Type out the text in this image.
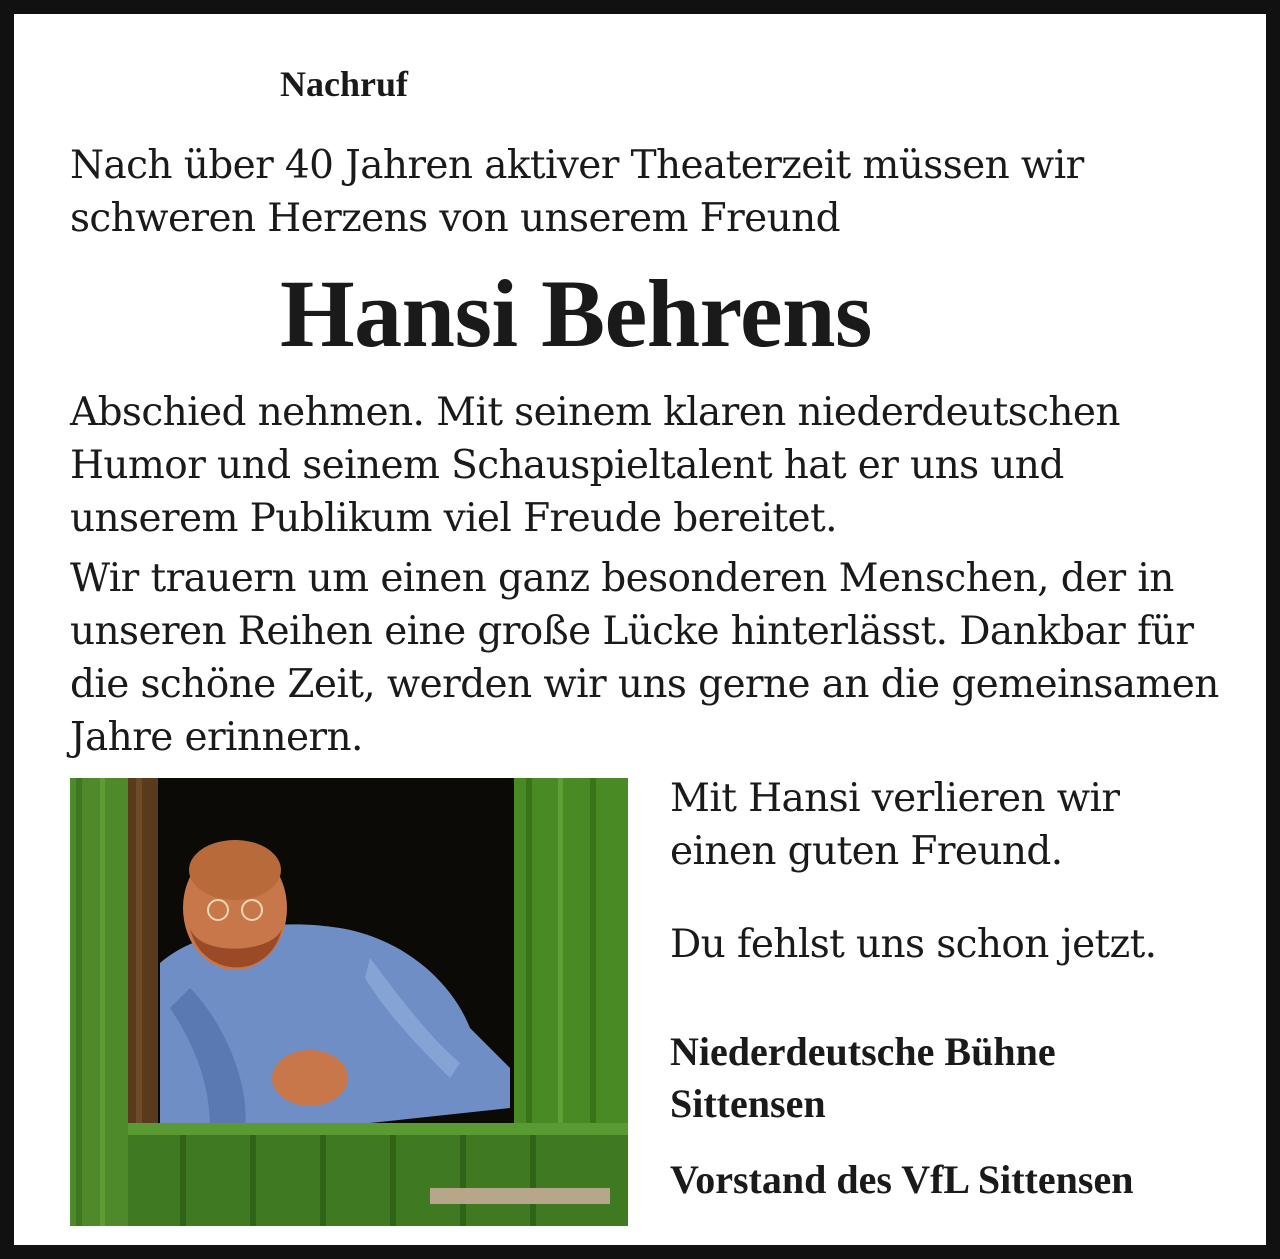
Nachruf

Nach über 40 Jahren aktiver Theaterzeit müssen wir
schweren Herzens von unserem Freund

Hansi Behrens

Abschied nehmen. Mit seinem klaren niederdeutschen
Humor und seinem Schauspieltalent hat er uns und
unserem Publikum viel Freude bereitet.

Wir trauern um einen ganz besonderen Menschen, der in
unseren Reihen eine große Lücke hinterlässt. Dankbar für
die schöne Zeit, werden wir uns gerne an die gemeinsamen
Jahre erinnern.

Mit Hansi verlieren wir
einen guten Freund.

Du fehlst uns schon jetzt.

Niederdeutsche Bühne
Sittensen

Vorstand des VfL Sittensen
